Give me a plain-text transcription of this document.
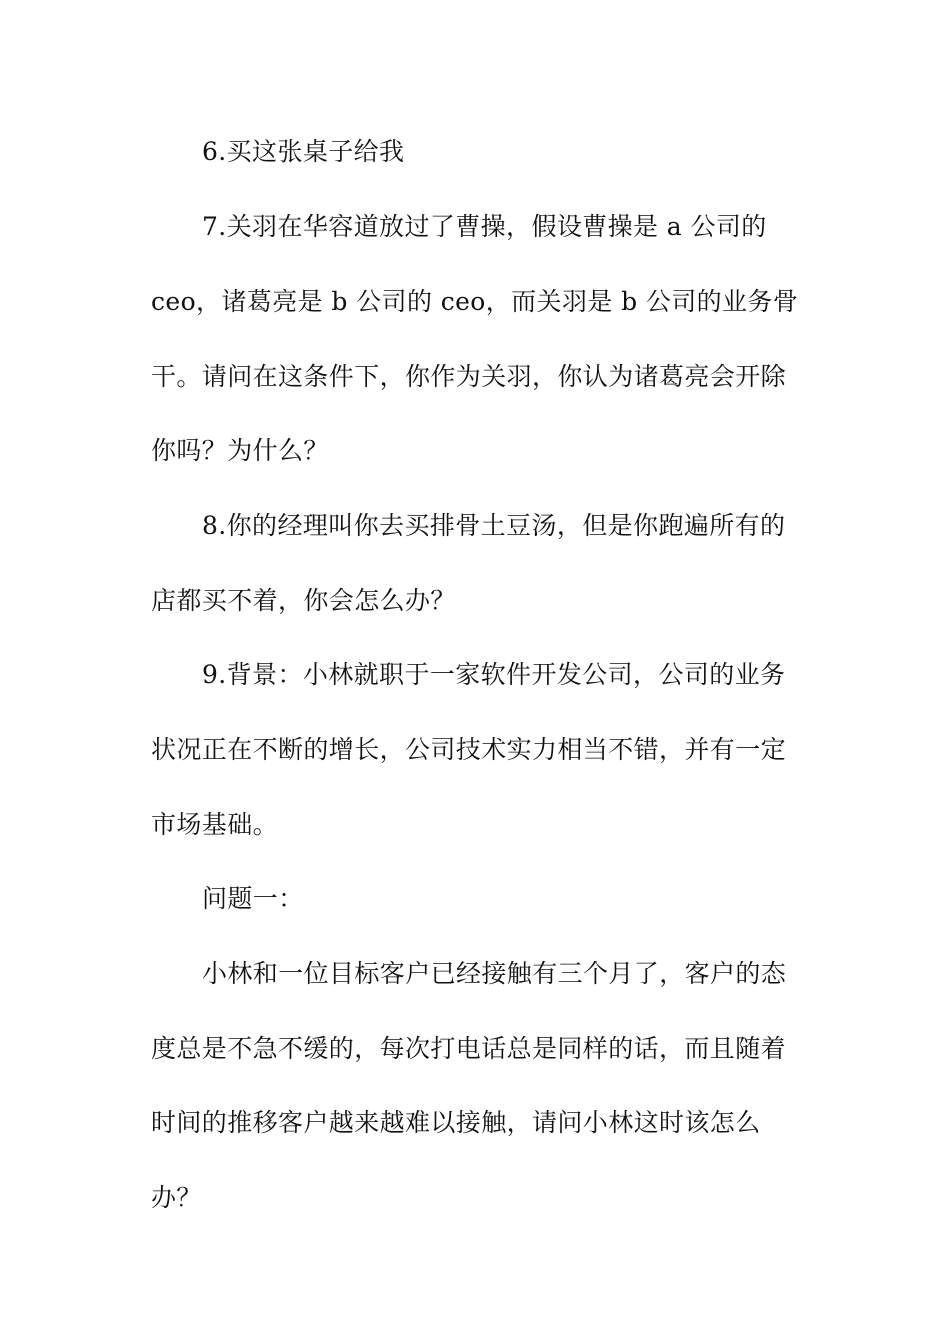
6.买这张桌子给我
7.关羽在华容道放过了曹操，假设曹操是 a 公司的
ceo，诸葛亮是 b 公司的 ceo，而关羽是 b 公司的业务骨
干。请问在这条件下，你作为关羽，你认为诸葛亮会开除
你吗？为什么？
8.你的经理叫你去买排骨土豆汤，但是你跑遍所有的
店都买不着，你会怎么办？
9.背景：小林就职于一家软件开发公司，公司的业务
状况正在不断的增长，公司技术实力相当不错，并有一定
市场基础。
问题一：
小林和一位目标客户已经接触有三个月了，客户的态
度总是不急不缓的，每次打电话总是同样的话，而且随着
时间的推移客户越来越难以接触，请问小林这时该怎么
办？
